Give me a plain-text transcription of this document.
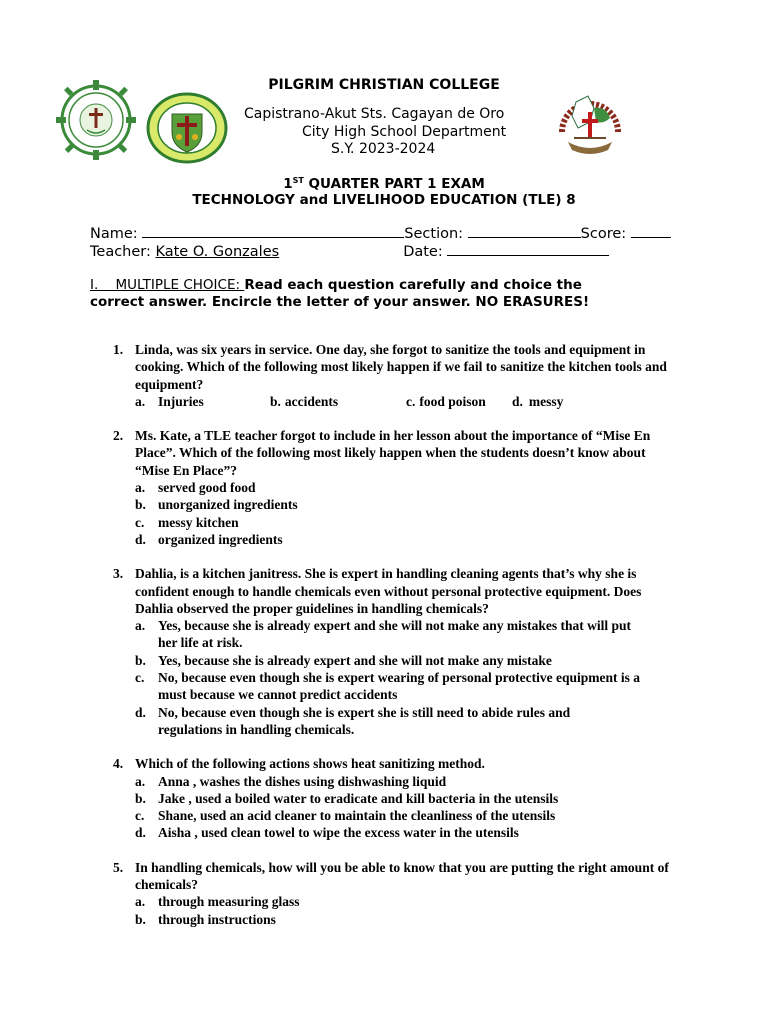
PILGRIM CHRISTIAN COLLEGE
Capistrano-Akut Sts. Cagayan de Oro
City High School Department
S.Y. 2023-2024
1ST QUARTER PART 1 EXAM
TECHNOLOGY and LIVELIHOOD EDUCATION (TLE) 8
Name:	Section:	Score:
Teacher: Kate O. Gonzales	Date:
I.    MULTIPLE CHOICE: Read each question carefully and choice the correct answer. Encircle the letter of your answer. NO ERASURES!
1. Linda, was six years in service. One day, she forgot to sanitize the tools and equipment in cooking. Which of the following most likely happen if we fail to sanitize the kitchen tools and equipment?
a. Injuries	b. accidents	c. food poison d. messy
2. Ms. Kate, a TLE teacher forgot to include in her lesson about the importance of “Mise En Place”. Which of the following most likely happen when the students doesn’t know about “Mise En Place”?
a. served good food
b. unorganized ingredients
c.	messy kitchen
d. organized ingredients
3. Dahlia, is a kitchen janitress. She is expert in handling cleaning agents that’s why she is confident enough to handle chemicals even without personal protective equipment. Does Dahlia observed the proper guidelines in handling chemicals?
a. Yes, because she is already expert and she will not make any mistakes that will put her life at risk.
b. Yes, because she is already expert and she will not make any mistake
c.	No, because even though she is expert wearing of personal protective equipment is a must because we cannot predict accidents
d. No, because even though she is expert she is still need to abide rules and regulations in handling chemicals.
4. Which of the following actions shows heat sanitizing method.
a. Anna , washes the dishes using dishwashing liquid
b. Jake , used a boiled water to eradicate and kill bacteria in the utensils
c.	Shane, used an acid cleaner to maintain the cleanliness of the utensils
d. Aisha , used clean towel to wipe the excess water in the utensils
5. In handling chemicals, how will you be able to know that you are putting the right amount of chemicals?
a. through measuring glass
b. through instructions
